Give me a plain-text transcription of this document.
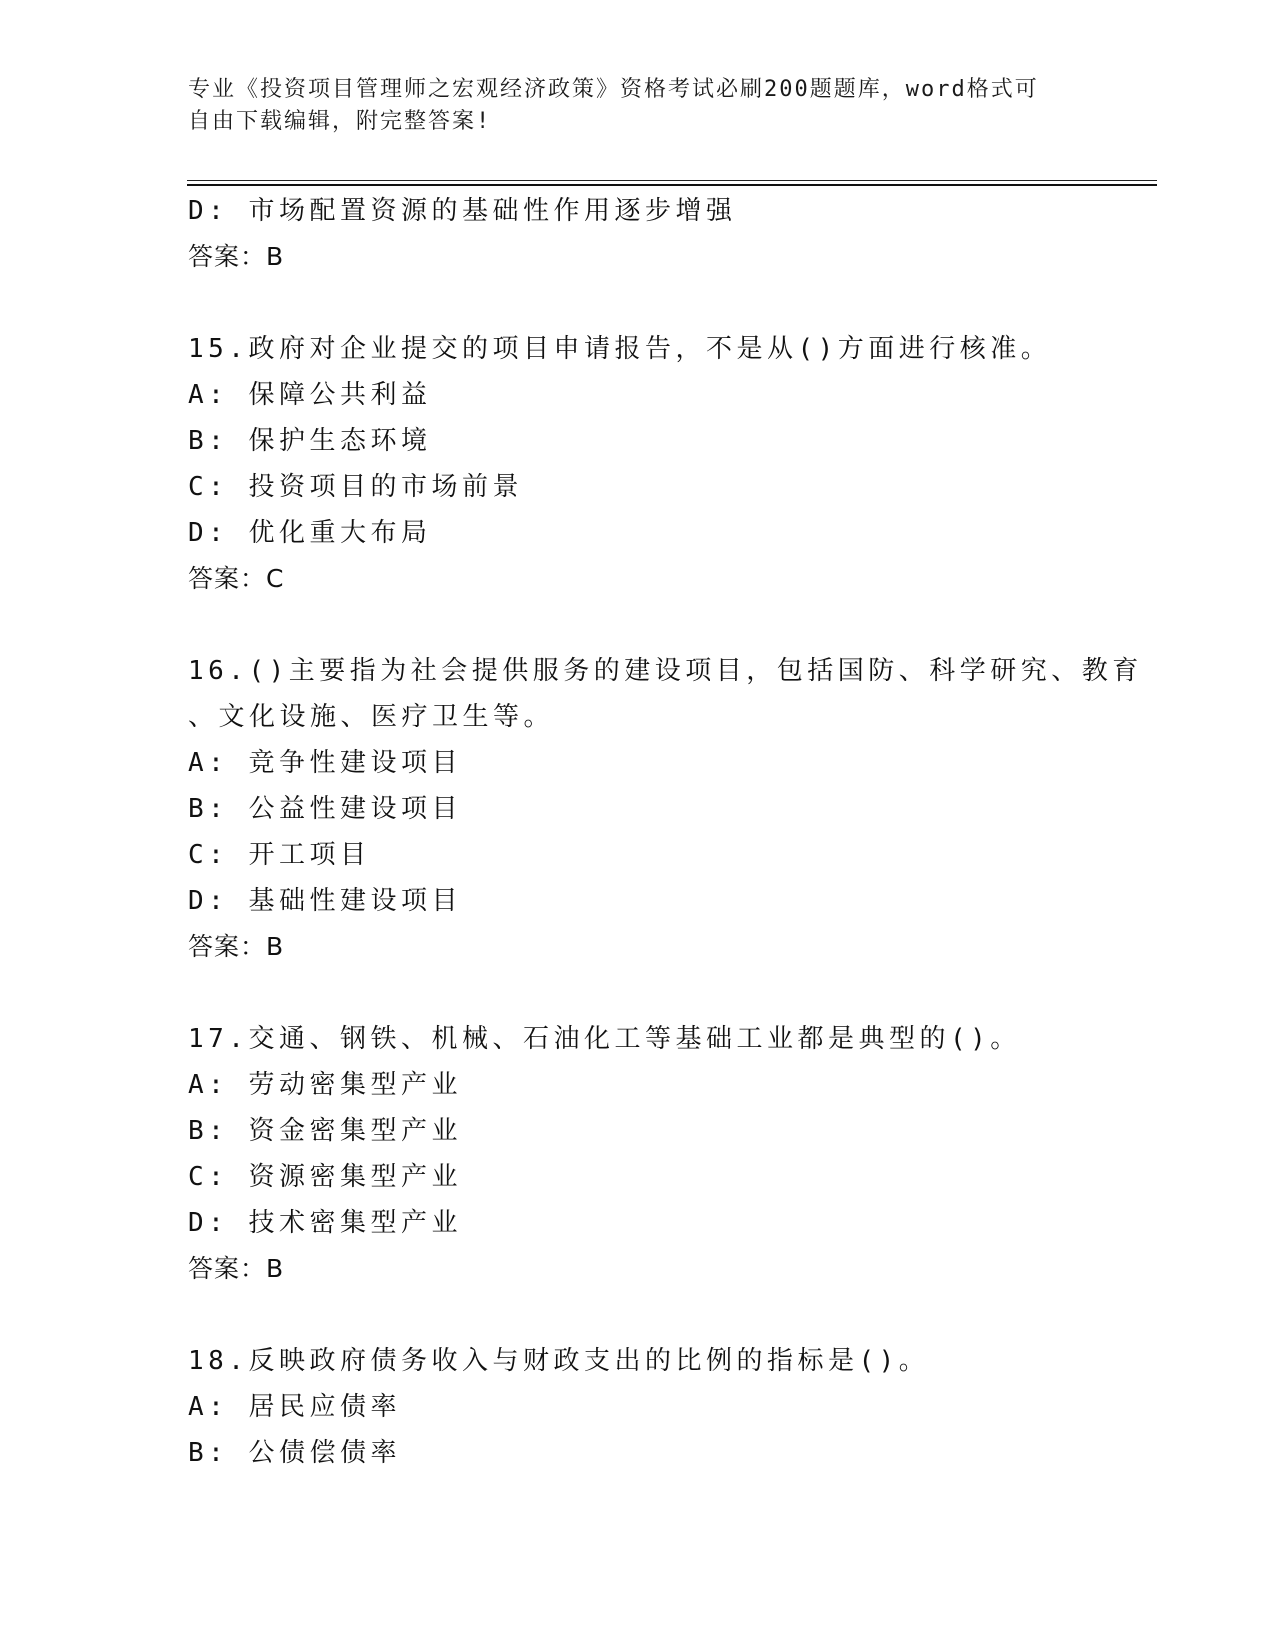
专业《投资项目管理师之宏观经济政策》资格考试必刷200题题库，word格式可
自由下载编辑，附完整答案!
D: 市场配置资源的基础性作用逐步增强
答案：B
15.政府对企业提交的项目申请报告，不是从()方面进行核准。
A: 保障公共利益
B: 保护生态环境
C: 投资项目的市场前景
D: 优化重大布局
答案：C
16.()主要指为社会提供服务的建设项目，包括国防、科学研究、教育
、文化设施、医疗卫生等。
A: 竞争性建设项目
B: 公益性建设项目
C: 开工项目
D: 基础性建设项目
答案：B
17.交通、钢铁、机械、石油化工等基础工业都是典型的()。
A: 劳动密集型产业
B: 资金密集型产业
C: 资源密集型产业
D: 技术密集型产业
答案：B
18.反映政府债务收入与财政支出的比例的指标是()。
A: 居民应债率
B: 公债偿债率
